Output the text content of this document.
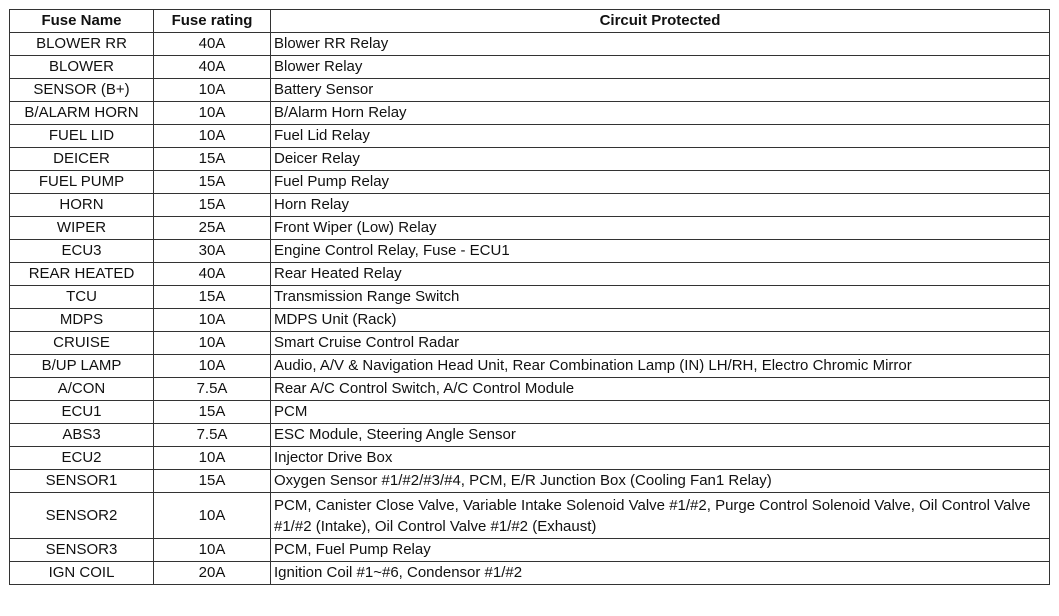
Fuse Name	Fuse rating	Circuit Protected
BLOWER RR	40A	Blower RR Relay
BLOWER	40A	Blower Relay
SENSOR (B+)	10A	Battery Sensor
B/ALARM HORN	10A	B/Alarm Horn Relay
FUEL LID	10A	Fuel Lid Relay
DEICER	15A	Deicer Relay
FUEL PUMP	15A	Fuel Pump Relay
HORN	15A	Horn Relay
WIPER	25A	Front Wiper (Low) Relay
ECU3	30A	Engine Control Relay, Fuse - ECU1
REAR HEATED	40A	Rear Heated Relay
TCU	15A	Transmission Range Switch
MDPS	10A	MDPS Unit (Rack)
CRUISE	10A	Smart Cruise Control Radar
B/UP LAMP	10A	Audio, A/V & Navigation Head Unit, Rear Combination Lamp (IN) LH/RH, Electro Chromic Mirror
A/CON	7.5A	Rear A/C Control Switch, A/C Control Module
ECU1	15A	PCM
ABS3	7.5A	ESC Module, Steering Angle Sensor
ECU2	10A	Injector Drive Box
SENSOR1	15A	Oxygen Sensor #1/#2/#3/#4, PCM, E/R Junction Box (Cooling Fan1 Relay)
SENSOR2	10A	PCM, Canister Close Valve, Variable Intake Solenoid Valve #1/#2, Purge Control Solenoid Valve, Oil Control Valve #1/#2 (Intake), Oil Control Valve #1/#2 (Exhaust)
SENSOR3	10A	PCM, Fuel Pump Relay
IGN COIL	20A	Ignition Coil #1~#6, Condensor #1/#2
